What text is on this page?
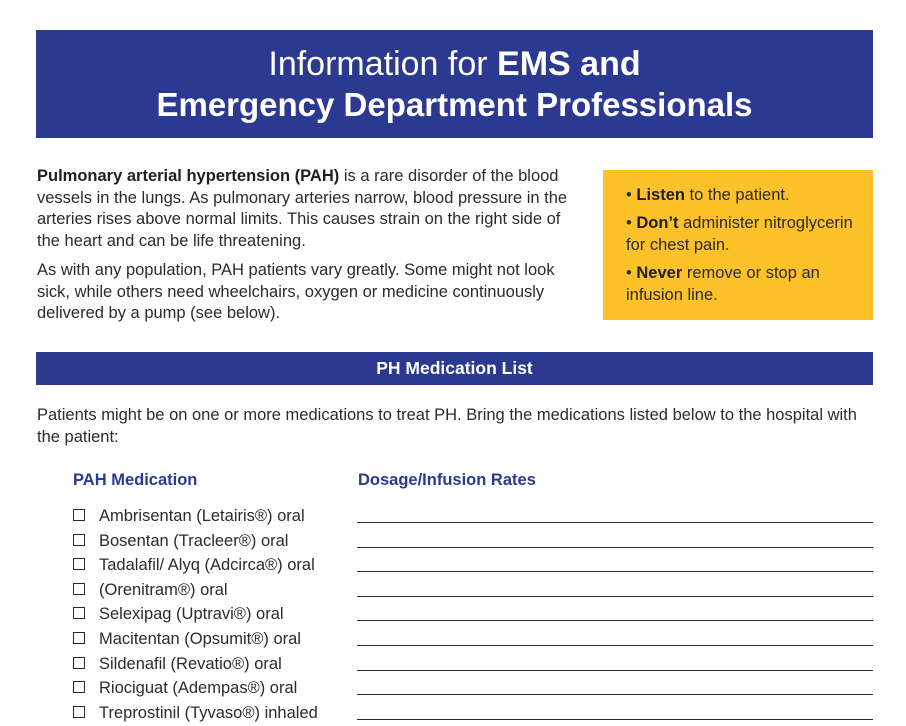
Information for EMS and
Emergency Department Professionals

Pulmonary arterial hypertension (PAH) is a rare disorder of the blood vessels in the lungs. As pulmonary arteries narrow, blood pressure in the arteries rises above normal limits. This causes strain on the right side of the heart and can be life threatening.

As with any population, PAH patients vary greatly. Some might not look sick, while others need wheelchairs, oxygen or medicine continuously delivered by a pump (see below).

• Listen to the patient.
• Don’t administer nitroglycerin for chest pain.
• Never remove or stop an infusion line.
PH Medication List
Patients might be on one or more medications to treat PH. Bring the medications listed below to the hospital with the patient:
PAH Medication	Dosage/Infusion Rates
Ambrisentan (Letairis®) oral
Bosentan (Tracleer®) oral
Tadalafil/ Alyq (Adcirca®) oral
(Orenitram®) oral
Selexipag (Uptravi®) oral
Macitentan (Opsumit®) oral
Sildenafil (Revatio®) oral
Riociguat (Adempas®) oral
Treprostinil (Tyvaso®) inhaled
